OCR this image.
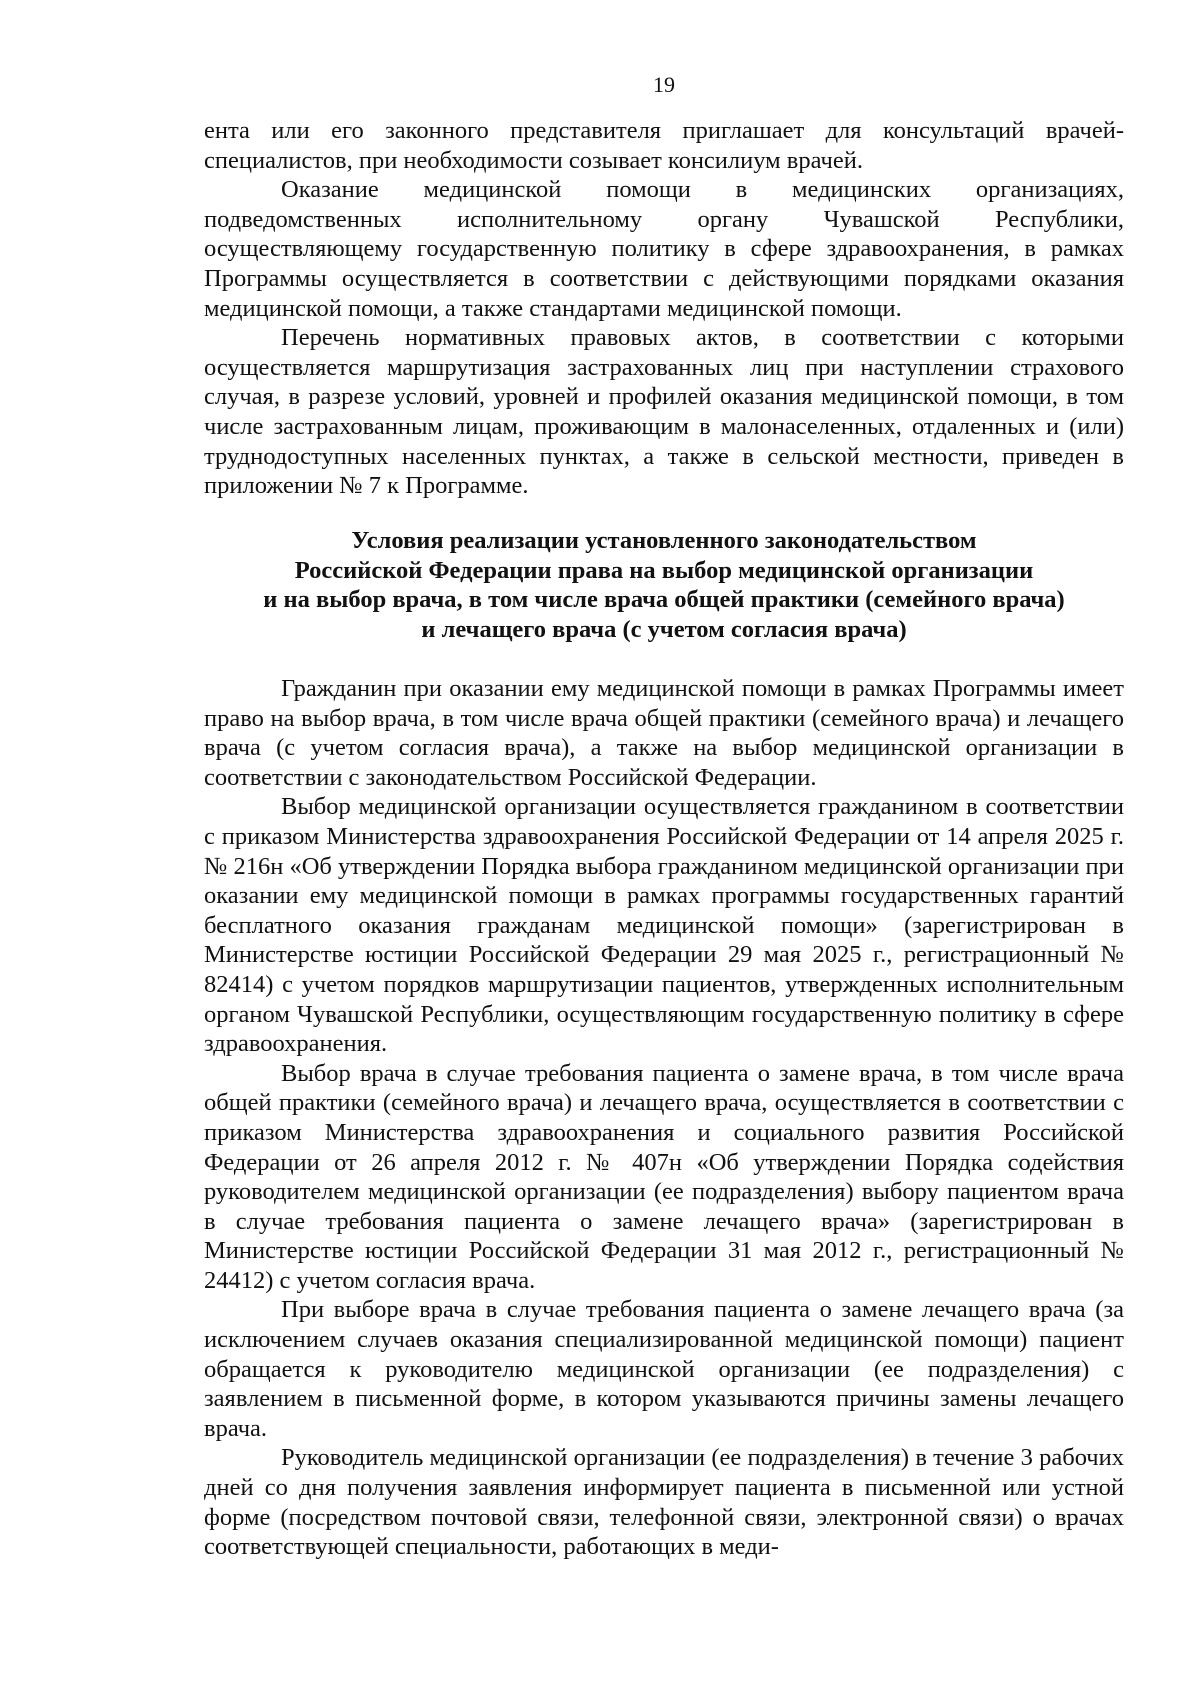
19

ента или его законного представителя приглашает для консультаций врачей-специалистов, при необходимости созывает консилиум врачей.

Оказание медицинской помощи в медицинских организациях, подведомственных исполнительному органу Чувашской Республики, осуществляющему государственную политику в сфере здравоохранения, в рамках Программы осуществляется в соответствии с действующими порядками оказания медицинской помощи, а также стандартами медицинской помощи.

Перечень нормативных правовых актов, в соответствии с которыми осуществляется маршрутизация застрахованных лиц при наступлении страхового случая, в разрезе условий, уровней и профилей оказания медицинской помощи, в том числе застрахованным лицам, проживающим в малонаселенных, отдаленных и (или) труднодоступных населенных пунктах, а также в сельской местности, приведен в приложении № 7 к Программе.

Условия реализации установленного законодательством
Российской Федерации права на выбор медицинской организации
и на выбор врача, в том числе врача общей практики (семейного врача)
и лечащего врача (с учетом согласия врача)

Гражданин при оказании ему медицинской помощи в рамках Программы имеет право на выбор врача, в том числе врача общей практики (семейного врача) и лечащего врача (с учетом согласия врача), а также на выбор медицинской организации в соответствии с законодательством Российской Федерации.

Выбор медицинской организации осуществляется гражданином в соответствии с приказом Министерства здравоохранения Российской Федерации от 14 апреля 2025 г. № 216н «Об утверждении Порядка выбора гражданином медицинской организации при оказании ему медицинской помощи в рамках программы государственных гарантий бесплатного оказания гражданам медицинской помощи» (зарегистрирован в Министерстве юстиции Российской Федерации 29 мая 2025 г., регистрационный № 82414) с учетом порядков маршрутизации пациентов, утвержденных исполнительным органом Чувашской Республики, осуществляющим государственную политику в сфере здравоохранения.

Выбор врача в случае требования пациента о замене врача, в том числе врача общей практики (семейного врача) и лечащего врача, осуществляется в соответствии с приказом Министерства здравоохранения и социального развития Российской Федерации от 26 апреля 2012 г. № 407н «Об утверждении Порядка содействия руководителем медицинской организации (ее подразделения) выбору пациентом врача в случае требования пациента о замене лечащего врача» (зарегистрирован в Министерстве юстиции Российской Федерации 31 мая 2012 г., регистрационный № 24412) с учетом согласия врача.

При выборе врача в случае требования пациента о замене лечащего врача (за исключением случаев оказания специализированной медицинской помощи) пациент обращается к руководителю медицинской организации (ее подразделения) с заявлением в письменной форме, в котором указываются причины замены лечащего врача.

Руководитель медицинской организации (ее подразделения) в течение 3 рабочих дней со дня получения заявления информирует пациента в письменной или устной форме (посредством почтовой связи, телефонной связи, электронной связи) о врачах соответствующей специальности, работающих в меди-
